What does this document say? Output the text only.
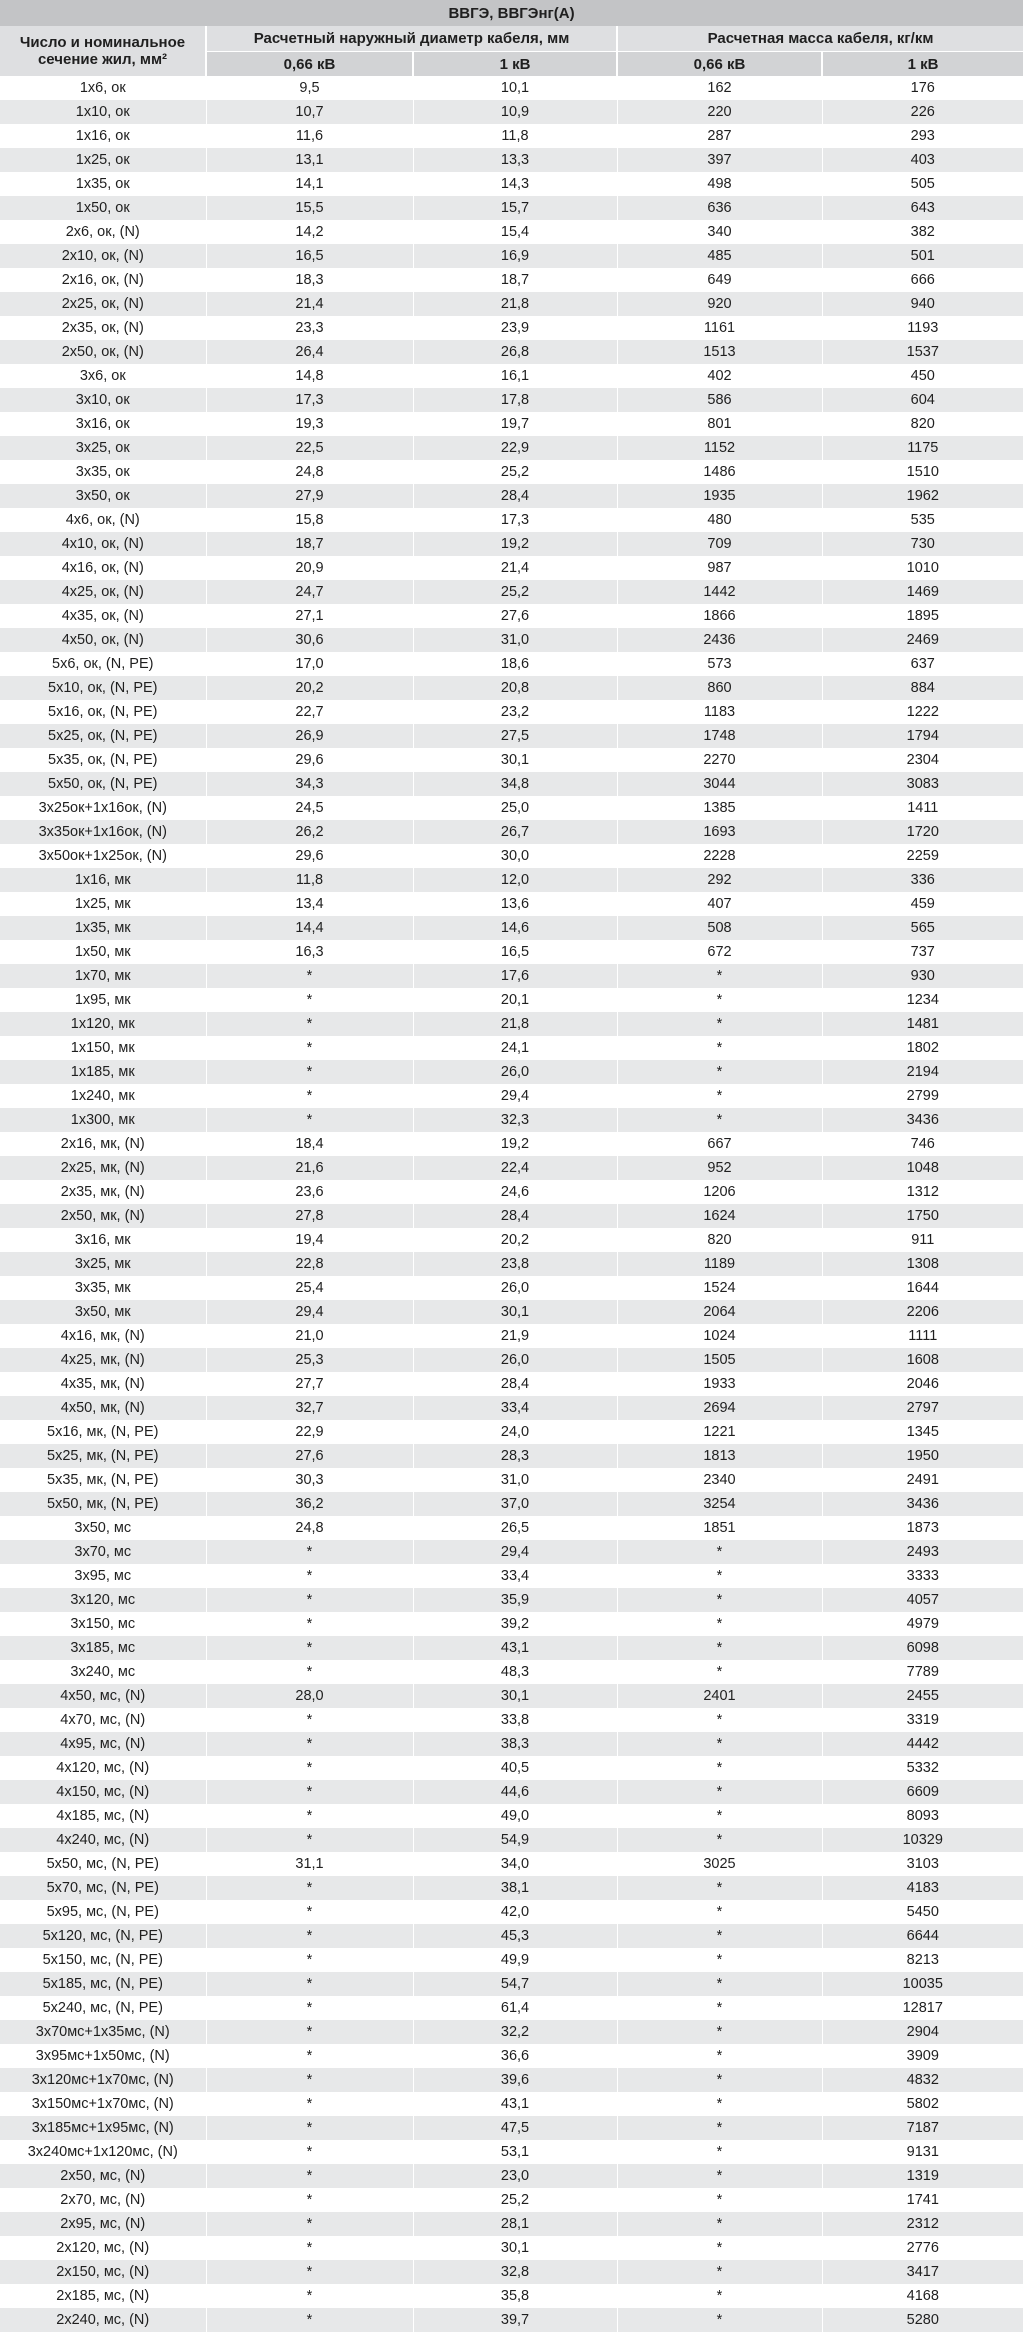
ВВГЭ, ВВГЭнг(А)				
Число и номинальное сечение жил, мм²	Расчетный наружный диаметр кабеля, мм		Расчетная масса кабеля, кг/км	
	0,66 кВ	1 кВ	0,66 кВ	1 кВ
1x6, ок	9,5	10,1	162	176
1x10, ок	10,7	10,9	220	226
1x16, ок	11,6	11,8	287	293
1x25, ок	13,1	13,3	397	403
1x35, ок	14,1	14,3	498	505
1x50, ок	15,5	15,7	636	643
2x6, ок, (N)	14,2	15,4	340	382
2x10, ок, (N)	16,5	16,9	485	501
2x16, ок, (N)	18,3	18,7	649	666
2x25, ок, (N)	21,4	21,8	920	940
2x35, ок, (N)	23,3	23,9	1161	1193
2x50, ок, (N)	26,4	26,8	1513	1537
3x6, ок	14,8	16,1	402	450
3x10, ок	17,3	17,8	586	604
3x16, ок	19,3	19,7	801	820
3x25, ок	22,5	22,9	1152	1175
3x35, ок	24,8	25,2	1486	1510
3x50, ок	27,9	28,4	1935	1962
4x6, ок, (N)	15,8	17,3	480	535
4x10, ок, (N)	18,7	19,2	709	730
4x16, ок, (N)	20,9	21,4	987	1010
4x25, ок, (N)	24,7	25,2	1442	1469
4x35, ок, (N)	27,1	27,6	1866	1895
4x50, ок, (N)	30,6	31,0	2436	2469
5x6, ок, (N, PE)	17,0	18,6	573	637
5x10, ок, (N, PE)	20,2	20,8	860	884
5x16, ок, (N, PE)	22,7	23,2	1183	1222
5x25, ок, (N, PE)	26,9	27,5	1748	1794
5x35, ок, (N, PE)	29,6	30,1	2270	2304
5x50, ок, (N, PE)	34,3	34,8	3044	3083
3x25ок+1x16ок, (N)	24,5	25,0	1385	1411
3x35ок+1x16ок, (N)	26,2	26,7	1693	1720
3x50ок+1x25ок, (N)	29,6	30,0	2228	2259
1x16, мк	11,8	12,0	292	336
1x25, мк	13,4	13,6	407	459
1x35, мк	14,4	14,6	508	565
1x50, мк	16,3	16,5	672	737
1x70, мк	*	17,6	*	930
1x95, мк	*	20,1	*	1234
1x120, мк	*	21,8	*	1481
1x150, мк	*	24,1	*	1802
1x185, мк	*	26,0	*	2194
1x240, мк	*	29,4	*	2799
1x300, мк	*	32,3	*	3436
2x16, мк, (N)	18,4	19,2	667	746
2x25, мк, (N)	21,6	22,4	952	1048
2x35, мк, (N)	23,6	24,6	1206	1312
2x50, мк, (N)	27,8	28,4	1624	1750
3x16, мк	19,4	20,2	820	911
3x25, мк	22,8	23,8	1189	1308
3x35, мк	25,4	26,0	1524	1644
3x50, мк	29,4	30,1	2064	2206
4x16, мк, (N)	21,0	21,9	1024	1111
4x25, мк, (N)	25,3	26,0	1505	1608
4x35, мк, (N)	27,7	28,4	1933	2046
4x50, мк, (N)	32,7	33,4	2694	2797
5x16, мк, (N, PE)	22,9	24,0	1221	1345
5x25, мк, (N, PE)	27,6	28,3	1813	1950
5x35, мк, (N, PE)	30,3	31,0	2340	2491
5x50, мк, (N, PE)	36,2	37,0	3254	3436
3x50, мс	24,8	26,5	1851	1873
3x70, мс	*	29,4	*	2493
3x95, мс	*	33,4	*	3333
3x120, мс	*	35,9	*	4057
3x150, мс	*	39,2	*	4979
3x185, мс	*	43,1	*	6098
3x240, мс	*	48,3	*	7789
4x50, мс, (N)	28,0	30,1	2401	2455
4x70, мс, (N)	*	33,8	*	3319
4x95, мс, (N)	*	38,3	*	4442
4x120, мс, (N)	*	40,5	*	5332
4x150, мс, (N)	*	44,6	*	6609
4x185, мс, (N)	*	49,0	*	8093
4x240, мс, (N)	*	54,9	*	10329
5x50, мс, (N, PE)	31,1	34,0	3025	3103
5x70, мс, (N, PE)	*	38,1	*	4183
5x95, мс, (N, PE)	*	42,0	*	5450
5x120, мс, (N, PE)	*	45,3	*	6644
5x150, мс, (N, PE)	*	49,9	*	8213
5x185, мс, (N, PE)	*	54,7	*	10035
5x240, мс, (N, PE)	*	61,4	*	12817
3x70мс+1x35мс, (N)	*	32,2	*	2904
3x95мс+1x50мс, (N)	*	36,6	*	3909
3x120мс+1x70мс, (N)	*	39,6	*	4832
3x150мс+1x70мс, (N)	*	43,1	*	5802
3x185мс+1x95мс, (N)	*	47,5	*	7187
3x240мс+1x120мс, (N)	*	53,1	*	9131
2x50, мс, (N)	*	23,0	*	1319
2x70, мс, (N)	*	25,2	*	1741
2x95, мс, (N)	*	28,1	*	2312
2x120, мс, (N)	*	30,1	*	2776
2x150, мс, (N)	*	32,8	*	3417
2x185, мс, (N)	*	35,8	*	4168
2x240, мс, (N)	*	39,7	*	5280
